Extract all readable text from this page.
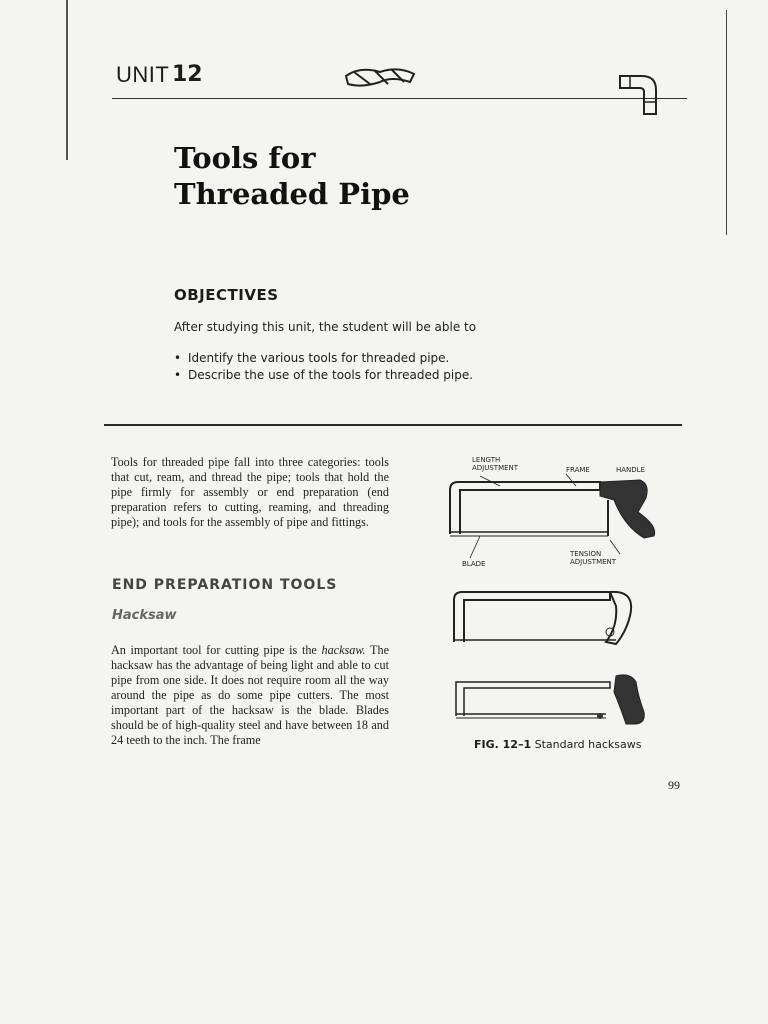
UNIT 12
Tools for
Threaded Pipe
OBJECTIVES
After studying this unit, the student will be able to
• Identify the various tools for threaded pipe.
• Describe the use of the tools for threaded pipe.
Tools for threaded pipe fall into three categories: tools that cut, ream, and thread the pipe; tools that hold the pipe firmly for assembly or end preparation (end preparation refers to cutting, reaming, and threading pipe); and tools for the assembly of pipe and fittings.
END PREPARATION TOOLS
Hacksaw
An important tool for cutting pipe is the hacksaw. The hacksaw has the advantage of being light and able to cut pipe from one side. It does not require room all the way around the pipe as do some pipe cutters. The most important part of the hacksaw is the blade. Blades should be of high-quality steel and have between 18 and 24 teeth to the inch. The frame
LENGTH ADJUSTMENT	FRAME	HANDLE
TENSION ADJUSTMENT
BLADE
FIG. 12–1 Standard hacksaws
99
